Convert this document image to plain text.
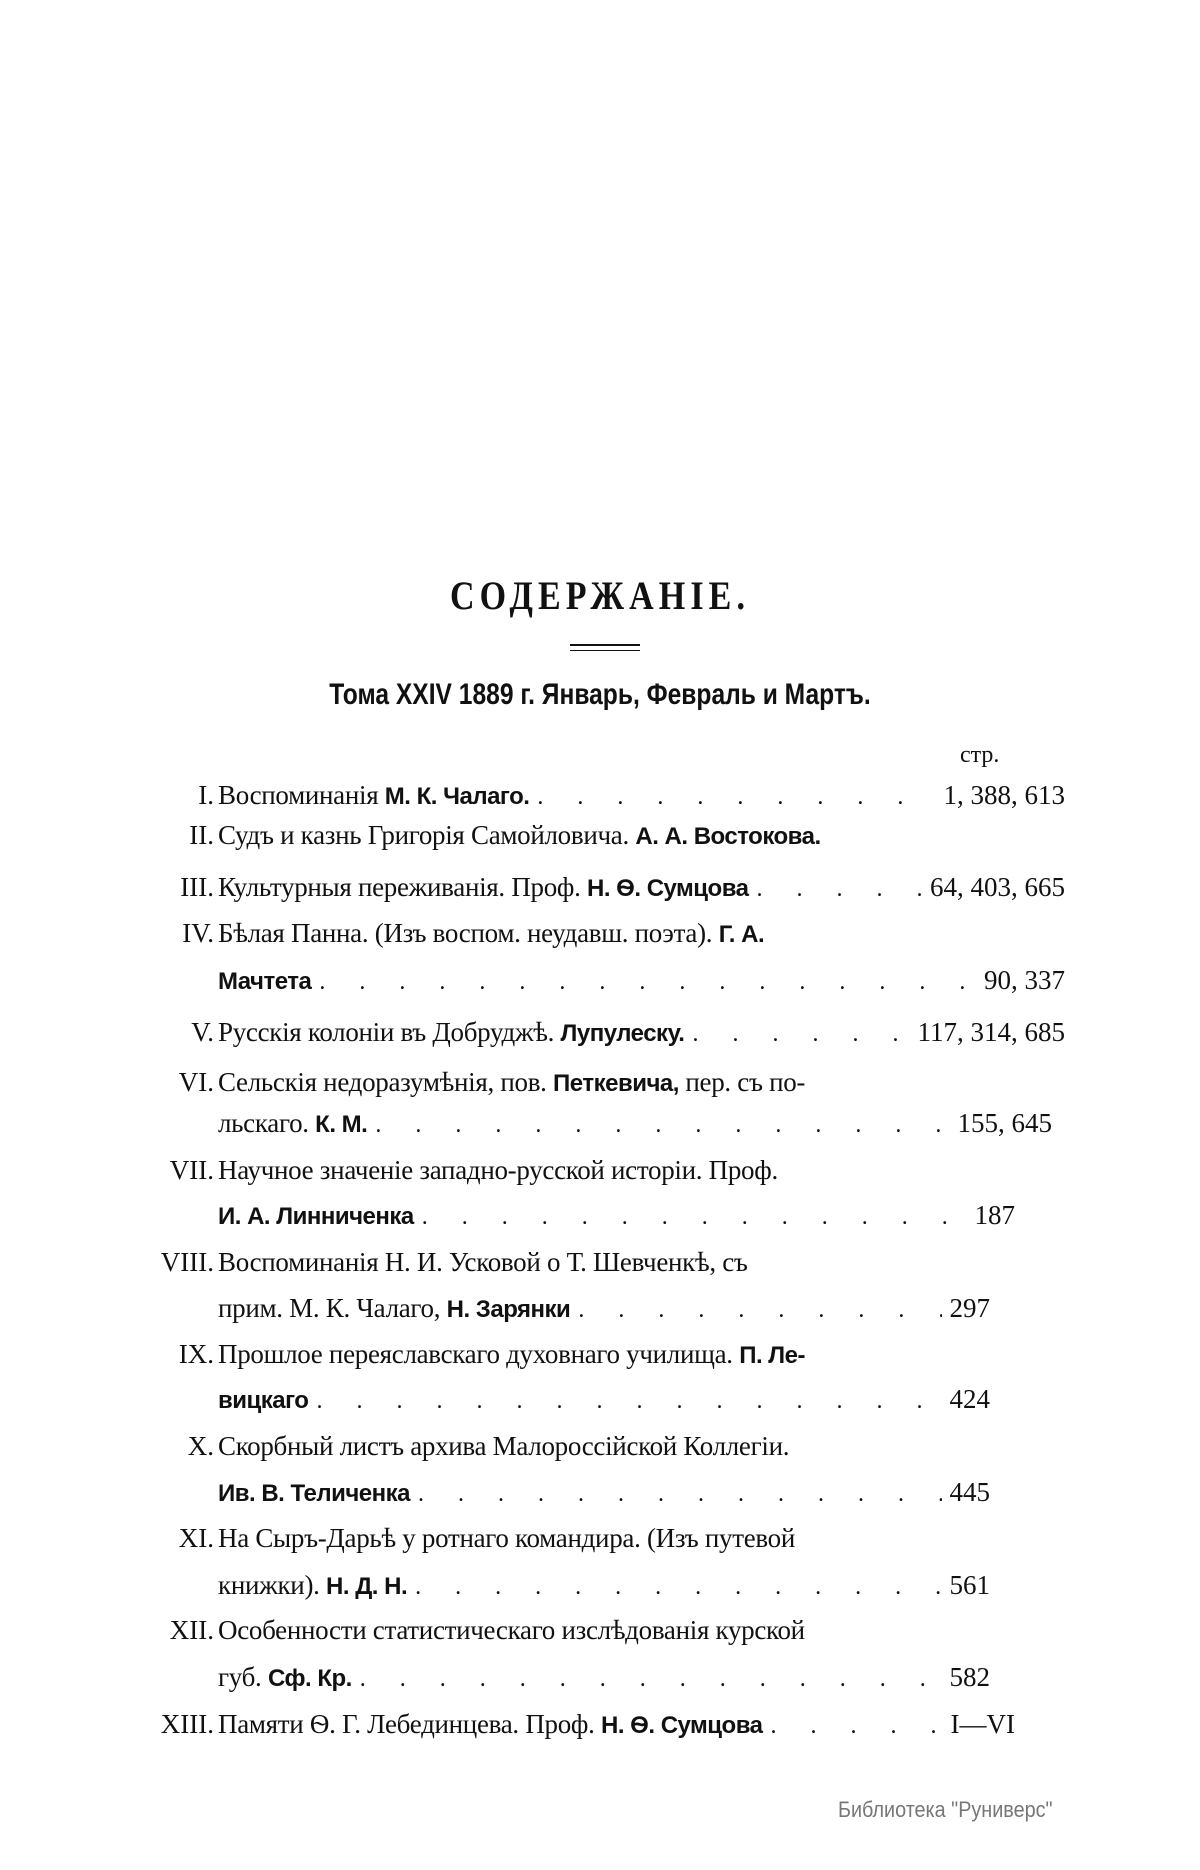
СОДЕРЖАНІЕ.
Тома XXIV 1889 г. Январь, Февраль и Мартъ.
стр.
I. Воспоминанія М. К. Чалаго. . . .	1, 388, 613
II. Судъ и казнь Григорія Самойловича. А. А. Востокова.
III. Культурныя переживанія. Проф. Н. Ѳ. Сумцова . . .	64, 403, 665
IV. Бѣлая Панна. (Изъ воспом. неудавш. поэта). Г. А.
Мачтета . . .	90, 337
V. Русскія колоніи въ Добруджѣ. Лупулеску. . . .	117, 314, 685
VI. Сельскія недоразумѣнія, пов. Петкевича, пер. съ по-
льскаго. К. М. . . .	155, 645
VII. Научное значеніе западно-русской исторіи. Проф.
И. А. Линниченка . . .	187
VIII. Воспоминанія Н. И. Усковой о Т. Шевченкѣ, съ
прим. М. К. Чалаго, Н. Зарянки . . .	297
IX. Прошлое переяславскаго духовнаго училища. П. Ле-
вицкаго . . .	424
X. Скорбный листъ архива Малороссійской Коллегіи.
Ив. В. Теличенка . . .	445
XI. На Сыръ-Дарьѣ у ротнаго командира. (Изъ путевой
книжки). Н. Д. Н. . . .	561
XII. Особенности статистическаго изслѣдованія курской
губ. Сф. Кр. . . .	582
XIII. Памяти Ѳ. Г. Лебединцева. Проф. Н. Ѳ. Сумцова . . .	I—VI
Библиотека "Руниверс"
